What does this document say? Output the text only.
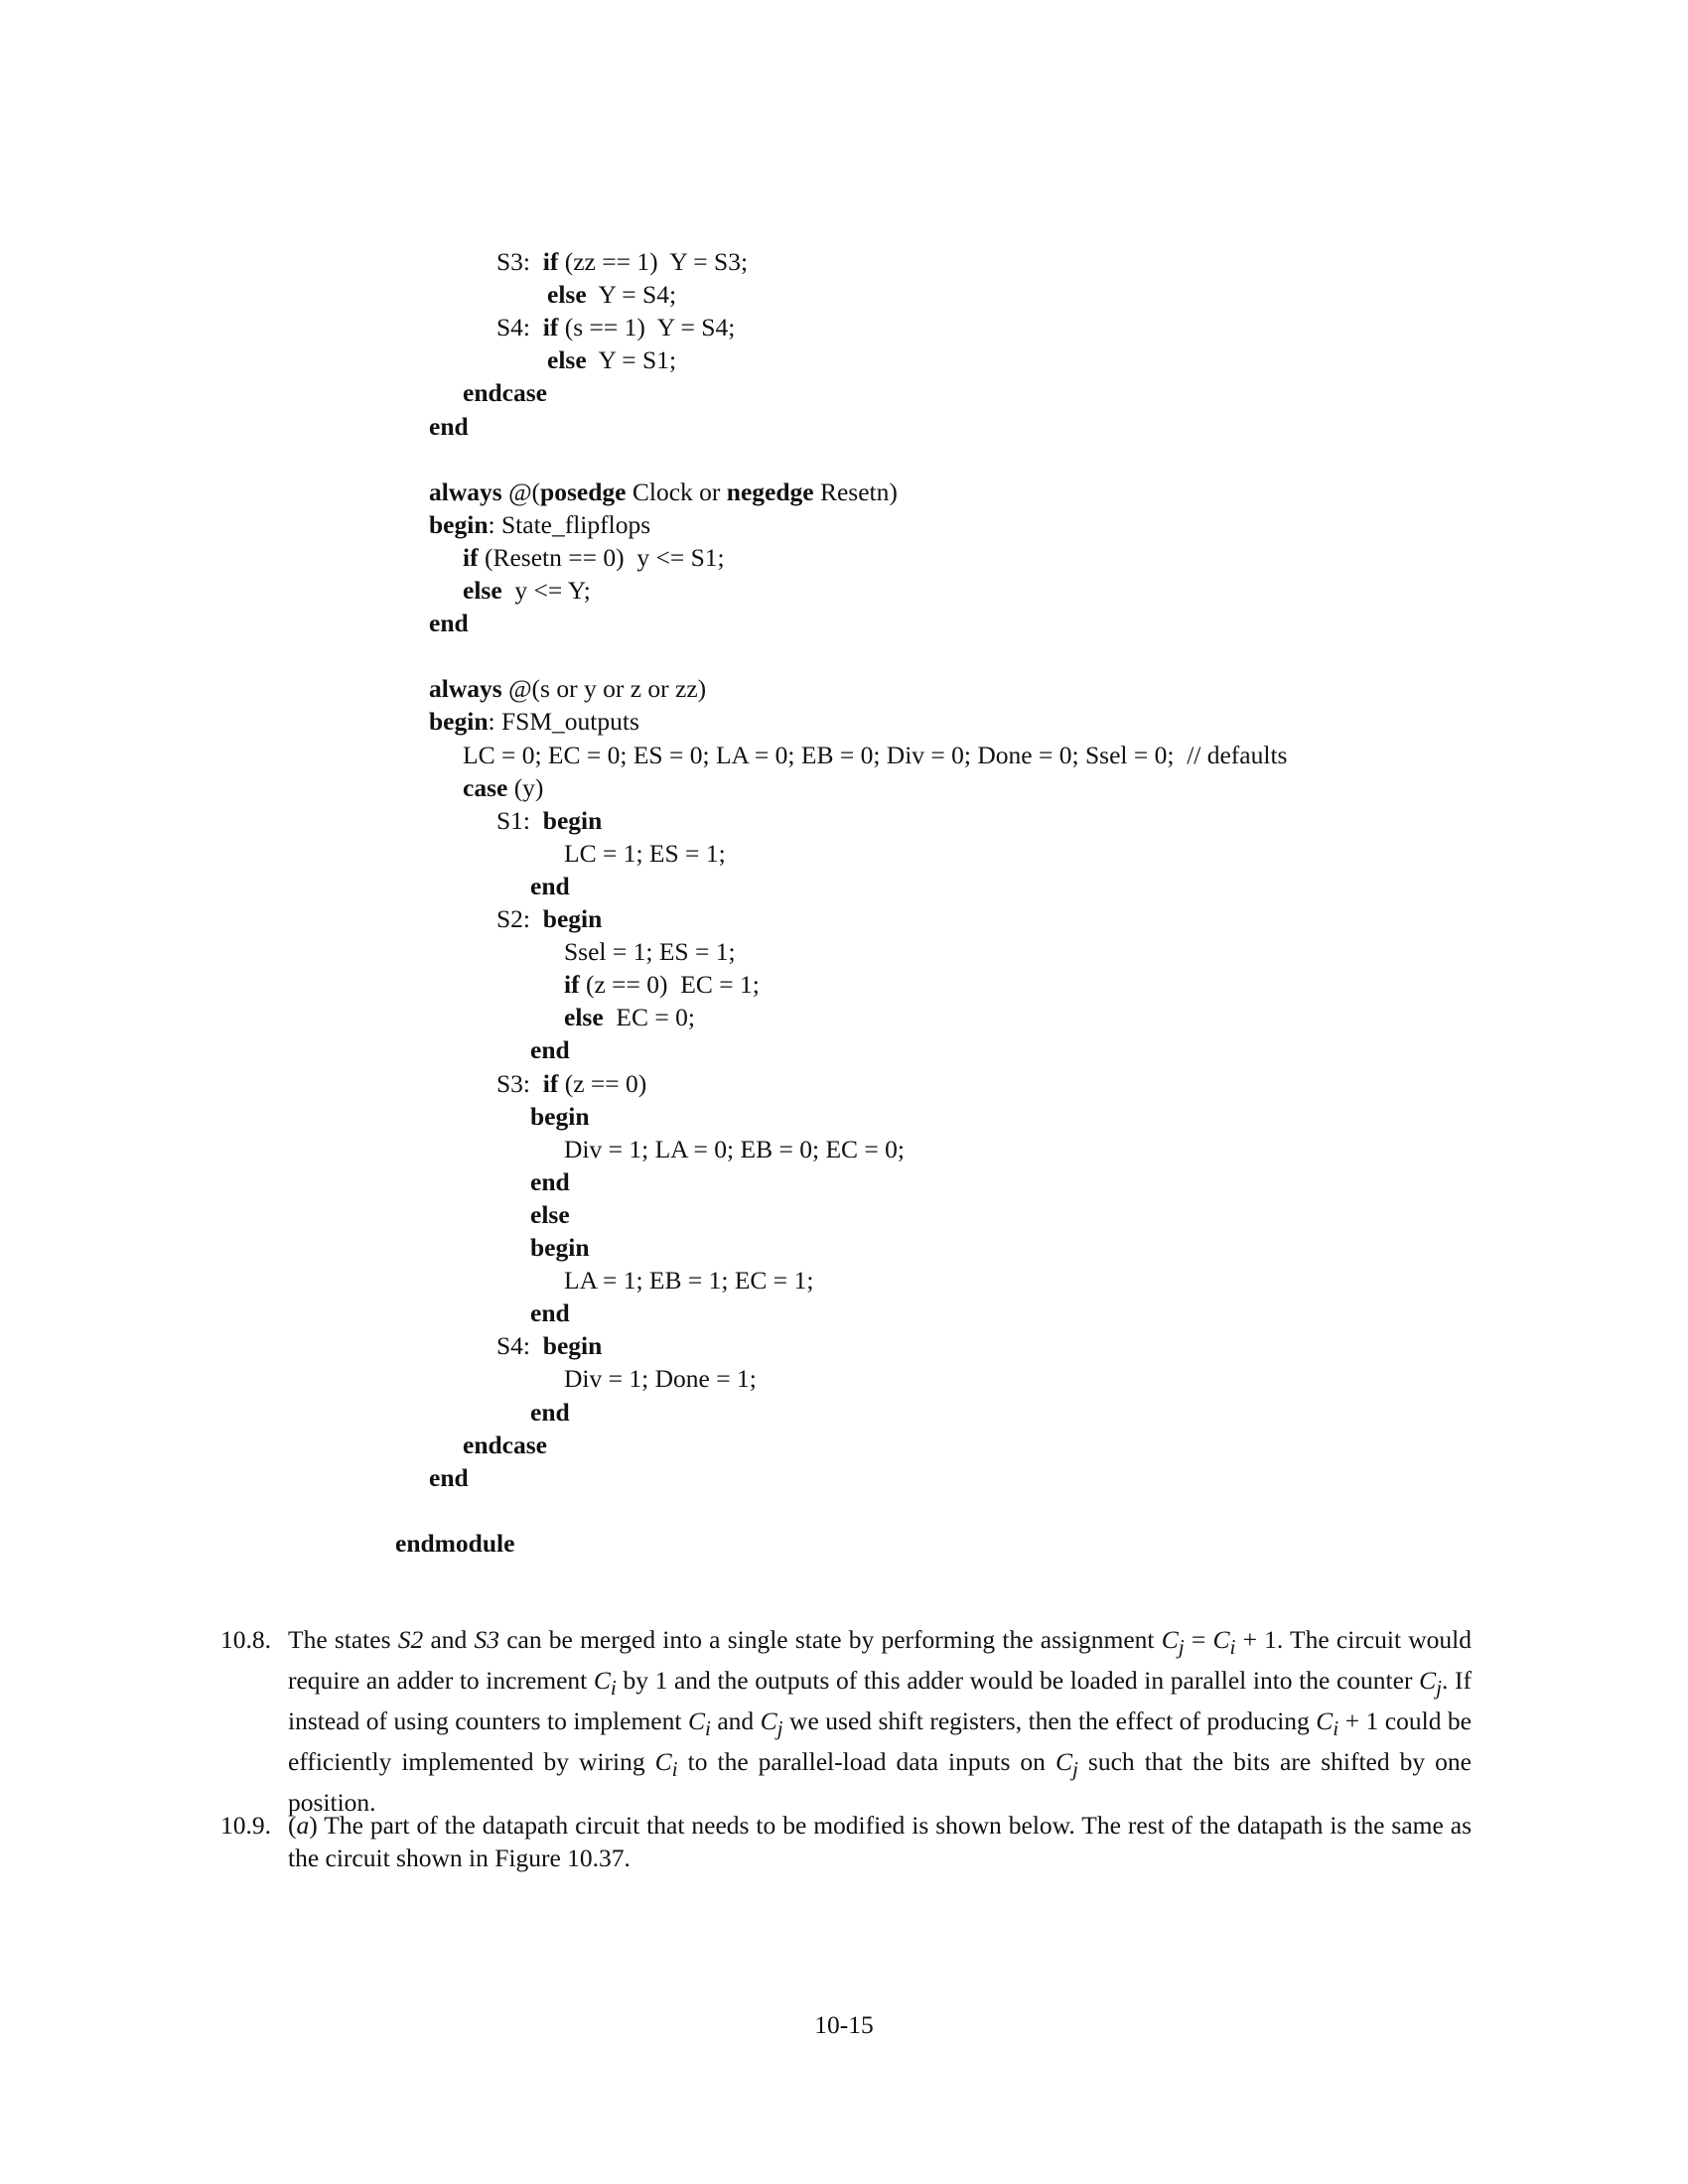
S3:  if (zz == 1)  Y = S3;
else  Y = S4;
S4:  if (s == 1)  Y = S4;
else  Y = S1;
endcase
end
always @(posedge Clock or negedge Resetn)
begin: State_flipflops
if (Resetn == 0)  y <= S1;
else  y <= Y;
end
always @(s or y or z or zz)
begin: FSM_outputs
LC = 0; EC = 0; ES = 0; LA = 0; EB = 0; Div = 0; Done = 0; Ssel = 0;  // defaults
case (y)
S1:  begin
LC = 1; ES = 1;
end
S2:  begin
Ssel = 1; ES = 1;
if (z == 0)  EC = 1;
else  EC = 0;
end
S3:  if (z == 0)
begin
Div = 1; LA = 0; EB = 0; EC = 0;
end
else
begin
LA = 1; EB = 1; EC = 1;
end
S4:  begin
Div = 1; Done = 1;
end
endcase
end
endmodule
10.8. The states S2 and S3 can be merged into a single state by performing the assignment $C_j = C_i + 1$. The circuit would require an adder to increment $C_i$ by 1 and the outputs of this adder would be loaded in parallel into the counter $C_j$. If instead of using counters to implement $C_i$ and $C_j$ we used shift registers, then the effect of producing $C_i + 1$ could be efficiently implemented by wiring $C_i$ to the parallel-load data inputs on $C_j$ such that the bits are shifted by one position.
10.9. (a) The part of the datapath circuit that needs to be modified is shown below. The rest of the datapath is the same as the circuit shown in Figure 10.37.
10-15
